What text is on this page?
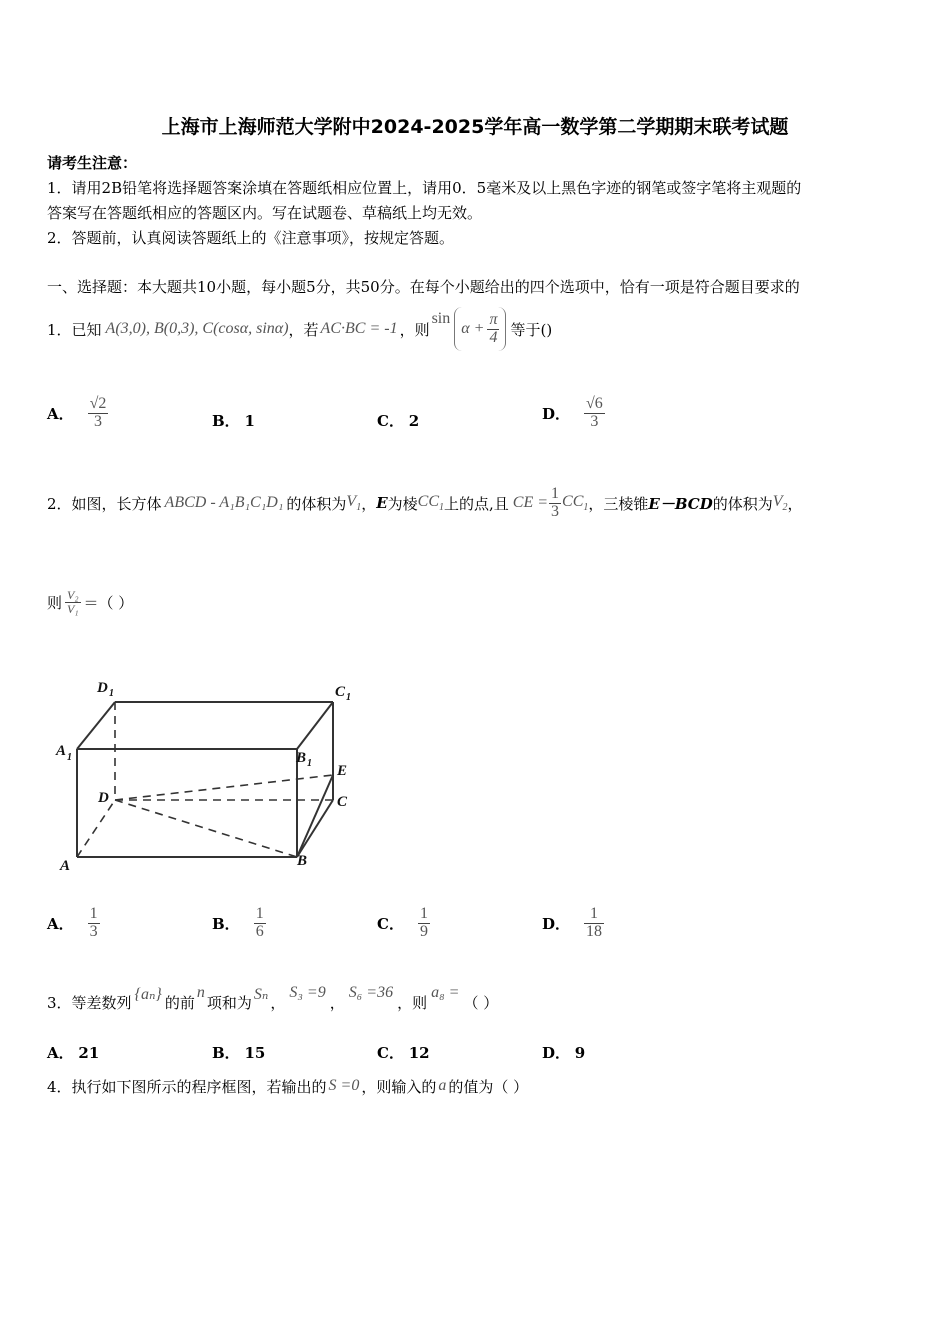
上海市上海师范大学附中2024-2025学年高一数学第二学期期末联考试题
请考生注意：
1．请用2B铅笔将选择题答案涂填在答题纸相应位置上，请用0．5毫米及以上黑色字迹的钢笔或签字笔将主观题的
答案写在答题纸相应的答题区内。写在试题卷、草稿纸上均无效。
2．答题前，认真阅读答题纸上的《注意事项》，按规定答题。
一、选择题：本大题共10小题，每小题5分，共50分。在每个小题给出的四个选项中，恰有一项是符合题目要求的
1．已知 A(3,0), B(0,3), C(cosα, sinα) ，若 AC·BC = -1 ，则
sin
$\alpha + \frac{\pi}{4}$ 等于()
A． $\frac{√2}{3}$	B． 1	C． 2	D． $\frac{√6}{3}$
2．如图，长方体 ABCD - A₁B₁C₁D₁ 的体积为 $V_1$ ， E 为棱 $CC_1$ 上的点,且 CE = $\frac{1}{3} CC_1$ ，三棱锥 E－BCD 的体积为 $V_2$ ，
则 $\frac{\text{V₂}}{\text{V₁}}$ ＝（ ）
D 1	C 1
A 1	B 1 E
D	C
A	B
A． $\frac{1}{3}$	B． $\frac{1}{6}$	C． $\frac{1}{9}$	D． $\frac{1}{18}$
3．等差数列 {aₙ} 的前
n
项和为 Sₙ ，
S₃ =9
，
S₆ =36
，则
a₈ =
（ ）
A． 21	B． 15	C． 12	D． 9
4．执行如下图所示的程序框图，若输出的 S =0 ，则输入的 a 的值为（ ）
